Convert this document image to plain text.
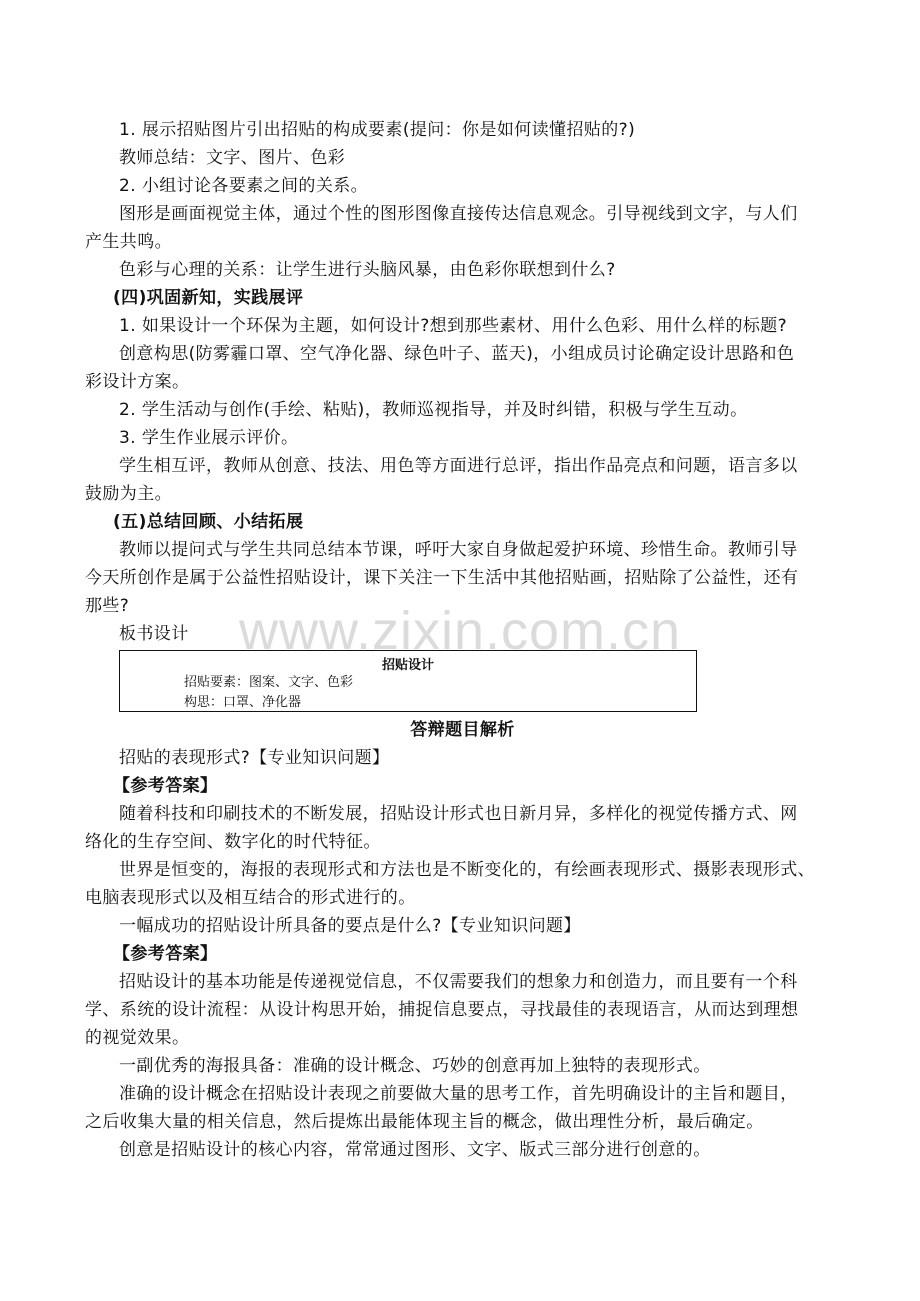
www.zixin.com.cn

1. 展示招贴图片引出招贴的构成要素(提问：你是如何读懂招贴的?)

教师总结：文字、图片、色彩

2. 小组讨论各要素之间的关系。

图形是画面视觉主体，通过个性的图形图像直接传达信息观念。引导视线到文字，与人们

产生共鸣。

色彩与心理的关系：让学生进行头脑风暴，由色彩你联想到什么?

(四)巩固新知，实践展评

1. 如果设计一个环保为主题，如何设计?想到那些素材、用什么色彩、用什么样的标题?

创意构思(防雾霾口罩、空气净化器、绿色叶子、蓝天)，小组成员讨论确定设计思路和色

彩设计方案。

2. 学生活动与创作(手绘、粘贴)，教师巡视指导，并及时纠错，积极与学生互动。

3. 学生作业展示评价。

学生相互评，教师从创意、技法、用色等方面进行总评，指出作品亮点和问题，语言多以

鼓励为主。

(五)总结回顾、小结拓展

教师以提问式与学生共同总结本节课，呼吁大家自身做起爱护环境、珍惜生命。教师引导

今天所创作是属于公益性招贴设计，课下关注一下生活中其他招贴画，招贴除了公益性，还有

那些?

板书设计

招贴设计
招贴要素：图案、文字、色彩
构思：口罩、净化器

答辩题目解析

招贴的表现形式?【专业知识问题】

【参考答案】

随着科技和印刷技术的不断发展，招贴设计形式也日新月异，多样化的视觉传播方式、网

络化的生存空间、数字化的时代特征。

世界是恒变的，海报的表现形式和方法也是不断变化的，有绘画表现形式、摄影表现形式、

电脑表现形式以及相互结合的形式进行的。

一幅成功的招贴设计所具备的要点是什么?【专业知识问题】

【参考答案】

招贴设计的基本功能是传递视觉信息，不仅需要我们的想象力和创造力，而且要有一个科

学、系统的设计流程：从设计构思开始，捕捉信息要点，寻找最佳的表现语言，从而达到理想

的视觉效果。

一副优秀的海报具备：准确的设计概念、巧妙的创意再加上独特的表现形式。

准确的设计概念在招贴设计表现之前要做大量的思考工作，首先明确设计的主旨和题目，

之后收集大量的相关信息，然后提炼出最能体现主旨的概念，做出理性分析，最后确定。

创意是招贴设计的核心内容，常常通过图形、文字、版式三部分进行创意的。
